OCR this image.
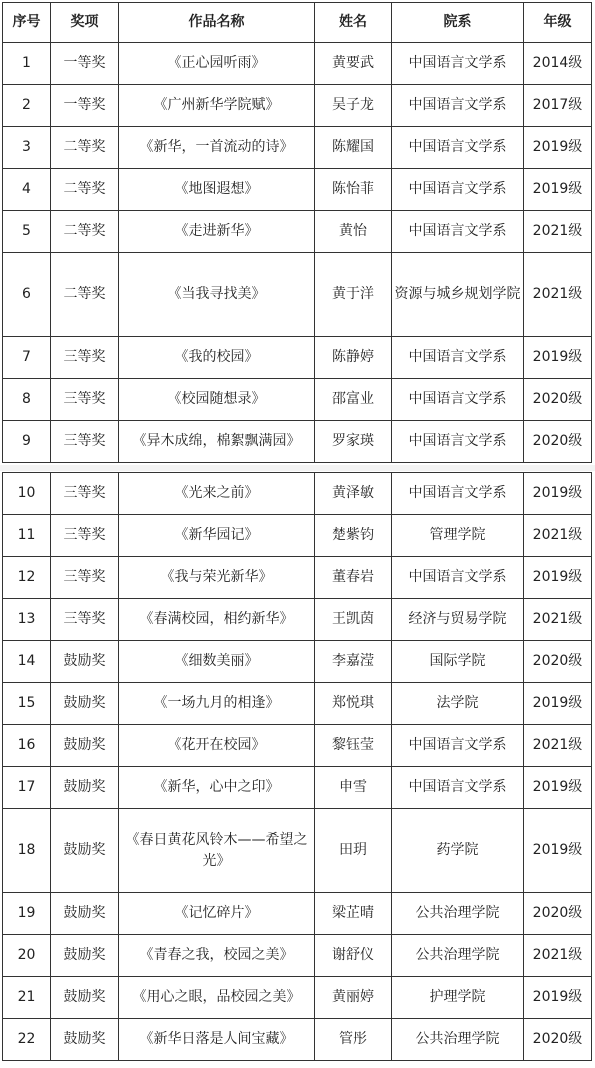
序号	奖项	作品名称	姓名	院系	年级
1	一等奖	《正心园听雨》	黄要武	中国语言文学系	2014级
2	一等奖	《广州新华学院赋》	吴子龙	中国语言文学系	2017级
3	二等奖	《新华，一首流动的诗》	陈耀国	中国语言文学系	2019级
4	二等奖	《地图遐想》	陈怡菲	中国语言文学系	2019级
5	二等奖	《走进新华》	黄怡	中国语言文学系	2021级
6	二等奖	《当我寻找美》	黄于洋	资源与城乡规划学院	2021级
7	三等奖	《我的校园》	陈静婷	中国语言文学系	2019级
8	三等奖	《校园随想录》	邵富业	中国语言文学系	2020级
9	三等奖	《异木成绵，棉絮飘满园》	罗家瑛	中国语言文学系	2020级
10	三等奖	《光来之前》	黄泽敏	中国语言文学系	2019级
11	三等奖	《新华园记》	楚紫钧	管理学院	2021级
12	三等奖	《我与荣光新华》	董春岩	中国语言文学系	2019级
13	三等奖	《春满校园，相约新华》	王凯茵	经济与贸易学院	2021级
14	鼓励奖	《细数美丽》	李嘉滢	国际学院	2020级
15	鼓励奖	《一场九月的相逢》	郑悦琪	法学院	2019级
16	鼓励奖	《花开在校园》	黎钰莹	中国语言文学系	2021级
17	鼓励奖	《新华，心中之印》	申雪	中国语言文学系	2019级
18	鼓励奖	《春日黄花风铃木——希望之光》	田玥	药学院	2019级
19	鼓励奖	《记忆碎片》	梁芷晴	公共治理学院	2020级
20	鼓励奖	《青春之我，校园之美》	谢舒仪	公共治理学院	2021级
21	鼓励奖	《用心之眼，品校园之美》	黄丽婷	护理学院	2019级
22	鼓励奖	《新华日落是人间宝藏》	管彤	公共治理学院	2020级
